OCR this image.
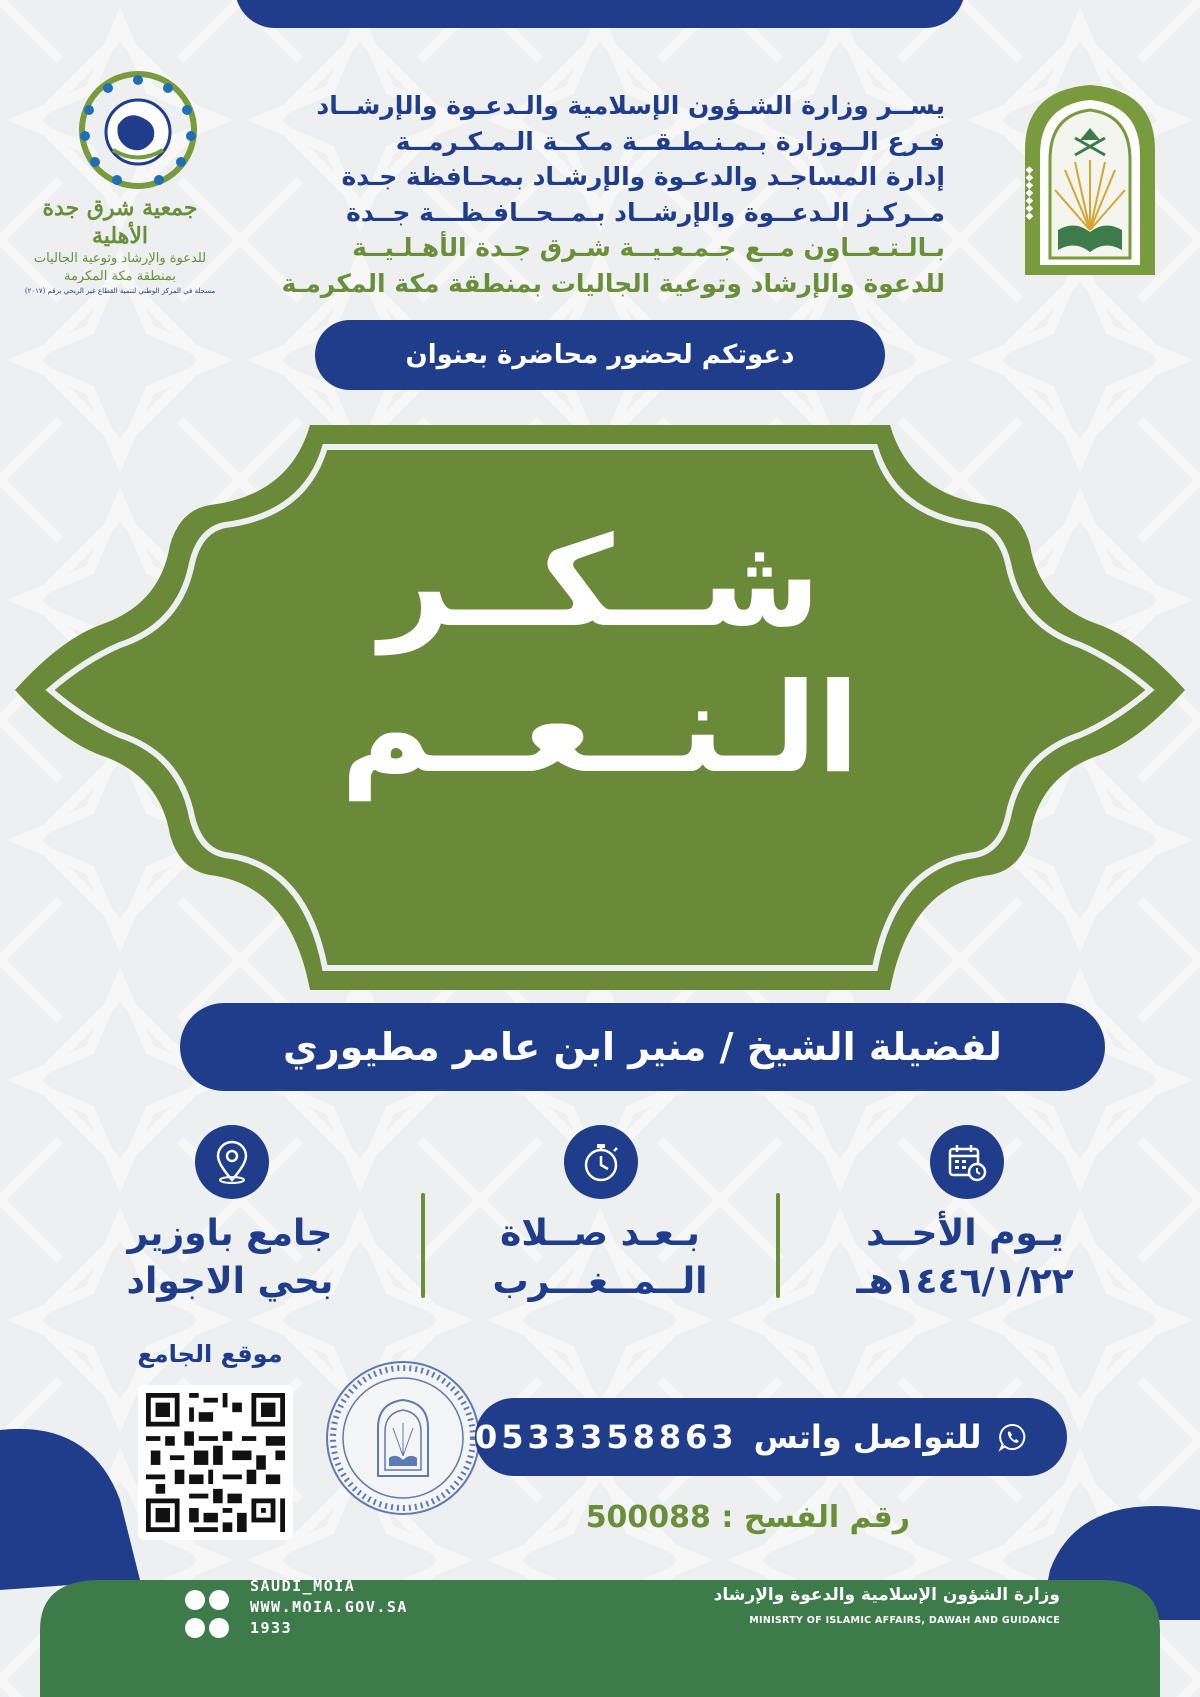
◆◆◆◆◆◆◆
جمعية شرق جدة الأهلية
للدعوة والإرشاد وتوعية الجاليات
بمنطقة مكة المكرمة
مسجلة في المركز الوطني لتنمية القطاع غير الربحي برقم (٢٠١٧)
يســر وزارة الشـؤون الإسلامية والـدعـوة والإرشــاد
فـرع الــوزارة بـمـنـطـقــة مـكــة الـمـكـرمــة
إدارة المساجـد والدعـوة والإرشـاد بمحـافظة جـدة
مــركـز الـدعــوة والإرشــاد بـمــحــافـظـــة جــدة
بـالـتـعــاون مــع جـمـعـيــة شـرق جـدة الأهـلـيــة
للدعوة والإرشاد وتوعية الجاليات بمنطقة مكة المكرمـة
دعوتكم لحضور محاضرة بعنوان
شــكــر
الـنــعــم
لفضيلة الشيخ / منير ابن عامر مطيوري
يـوم الأحــد
١٤٤٦/١/٢٢هـ
بـعـد صــلاة
الــمــغـــرب
جامع باوزير
بحي الاجواد
موقع الجامع
للتواصل واتس
0533358863
رقم الفسح : 500088
SAUDI_MOIA
WWW.MOIA.GOV.SA
1933
وزارة الشؤون الإسلامية والدعوة والإرشاد
MINISRTY OF ISLAMIC AFFAIRS, DAWAH AND GUIDANCE
